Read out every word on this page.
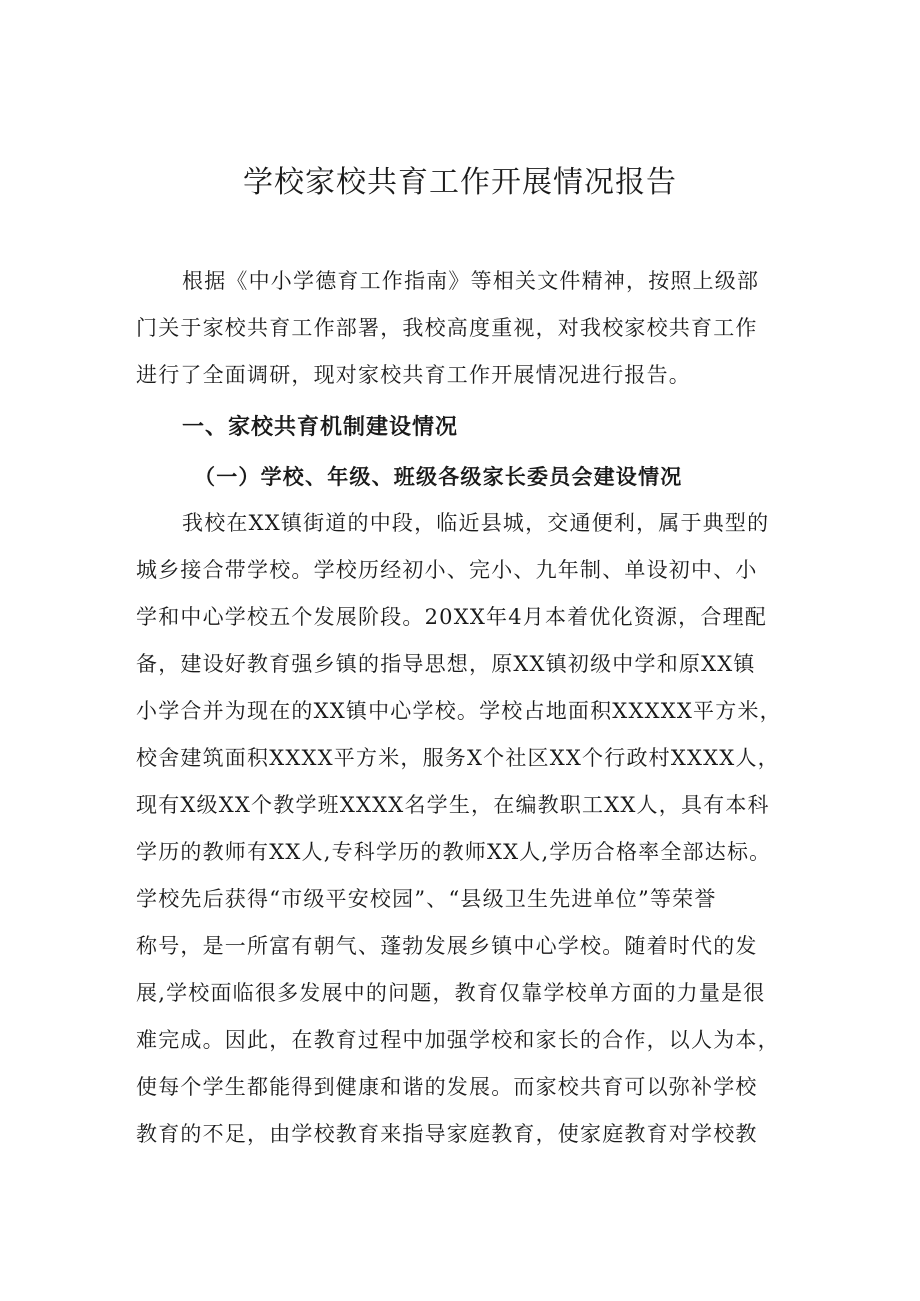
学校家校共育工作开展情况报告

根据《中小学德育工作指南》等相关文件精神，按照上级部
门关于家校共育工作部署，我校高度重视，对我校家校共育工作
进行了全面调研，现对家校共育工作开展情况进行报告。

一、家校共育机制建设情况
（一）学校、年级、班级各级家长委员会建设情况

我校在XX镇街道的中段，临近县城，交通便利，属于典型的
城乡接合带学校。学校历经初小、完小、九年制、单设初中、小
学和中心学校五个发展阶段。20XX年4月本着优化资源，合理配
备，建设好教育强乡镇的指导思想，原XX镇初级中学和原XX镇
小学合并为现在的XX镇中心学校。学校占地面积XXXXX平方米，
校舍建筑面积XXXX平方米，服务X个社区XX个行政村XXXX人，
现有X级XX个教学班XXXX名学生，在编教职工XX人，具有本科
学历的教师有XX人,专科学历的教师XX人,学历合格率全部达标。
学校先后获得“市级平安校园”、“县级卫生先进单位”等荣誉
称号，是一所富有朝气、蓬勃发展乡镇中心学校。随着时代的发
展,学校面临很多发展中的问题，教育仅靠学校单方面的力量是很
难完成。因此，在教育过程中加强学校和家长的合作，以人为本，
使每个学生都能得到健康和谐的发展。而家校共育可以弥补学校
教育的不足，由学校教育来指导家庭教育，使家庭教育对学校教
